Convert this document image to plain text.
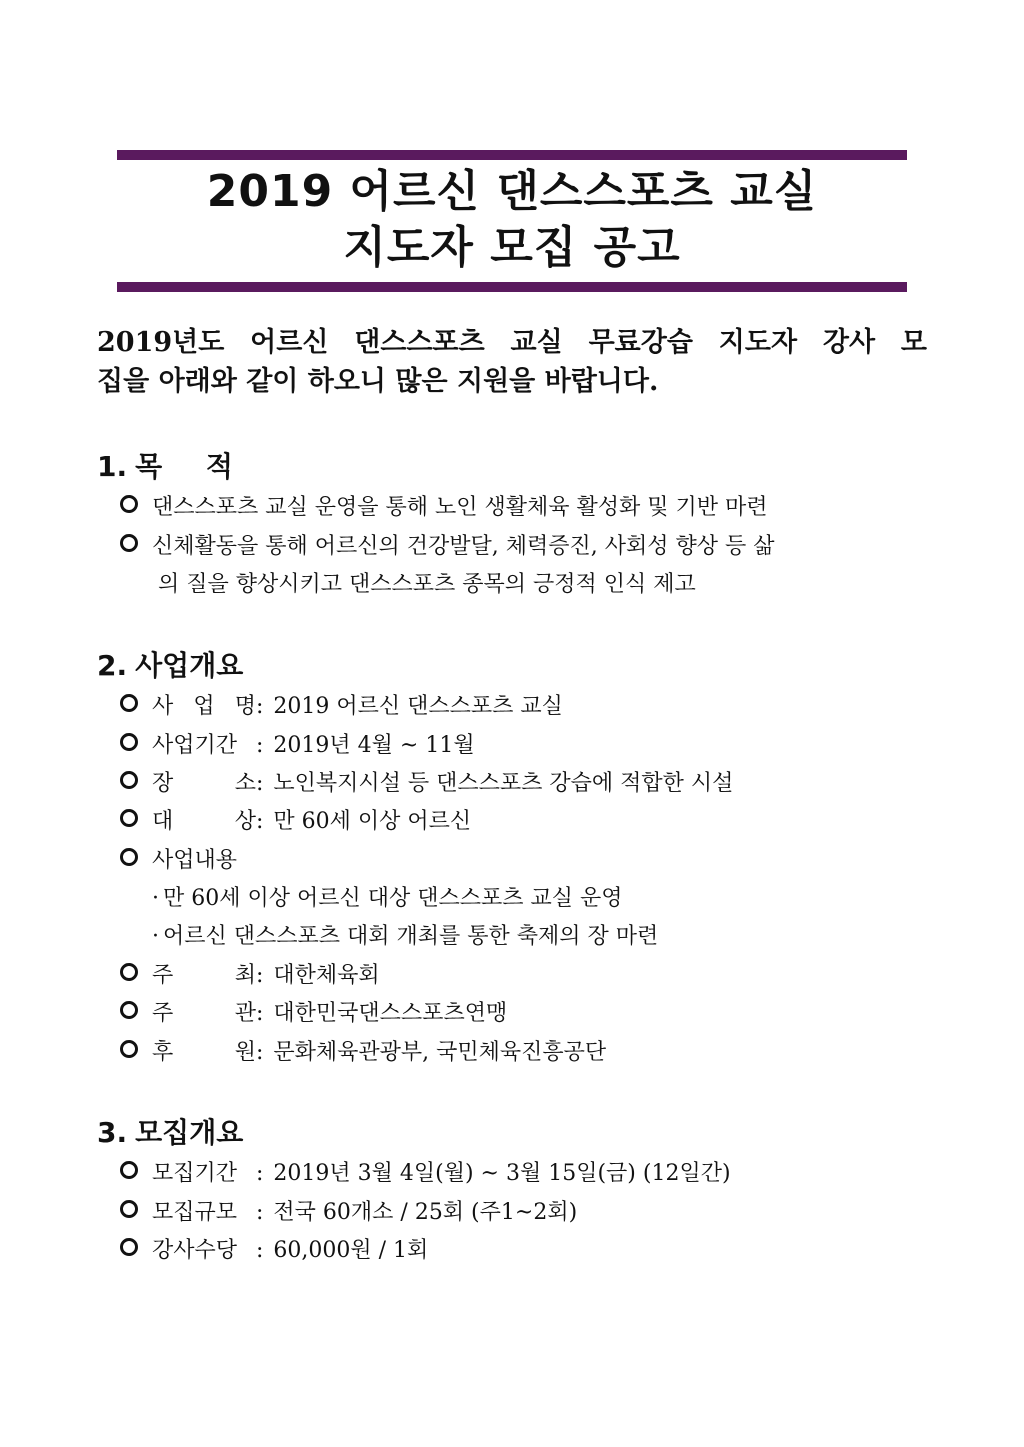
2019 어르신 댄스스포츠 교실
지도자 모집 공고
2019년도 어르신 댄스스포츠 교실 무료강습 지도자 강사 모
집을 아래와 같이 하오니 많은 지원을 바랍니다.
1. 목 적
댄스스포츠 교실 운영을 통해 노인 생활체육 활성화 및 기반 마련
신체활동을 통해 어르신의 건강발달, 체력증진, 사회성 향상 등 삶
의 질을 향상시키고 댄스스포츠 종목의 긍정적 인식 제고
2. 사업개요
사 업 명: 2019 어르신 댄스스포츠 교실
사업기간 : 2019년 4월 ~ 11월
장 소: 노인복지시설 등 댄스스포츠 강습에 적합한 시설
대 상: 만 60세 이상 어르신
사업내용
· 만 60세 이상 어르신 대상 댄스스포츠 교실 운영
· 어르신 댄스스포츠 대회 개최를 통한 축제의 장 마련
주 최: 대한체육회
주 관: 대한민국댄스스포츠연맹
후 원: 문화체육관광부, 국민체육진흥공단
3. 모집개요
모집기간 : 2019년 3월 4일(월) ~ 3월 15일(금) (12일간)
모집규모 : 전국 60개소 / 25회 (주1~2회)
강사수당 : 60,000원 / 1회
